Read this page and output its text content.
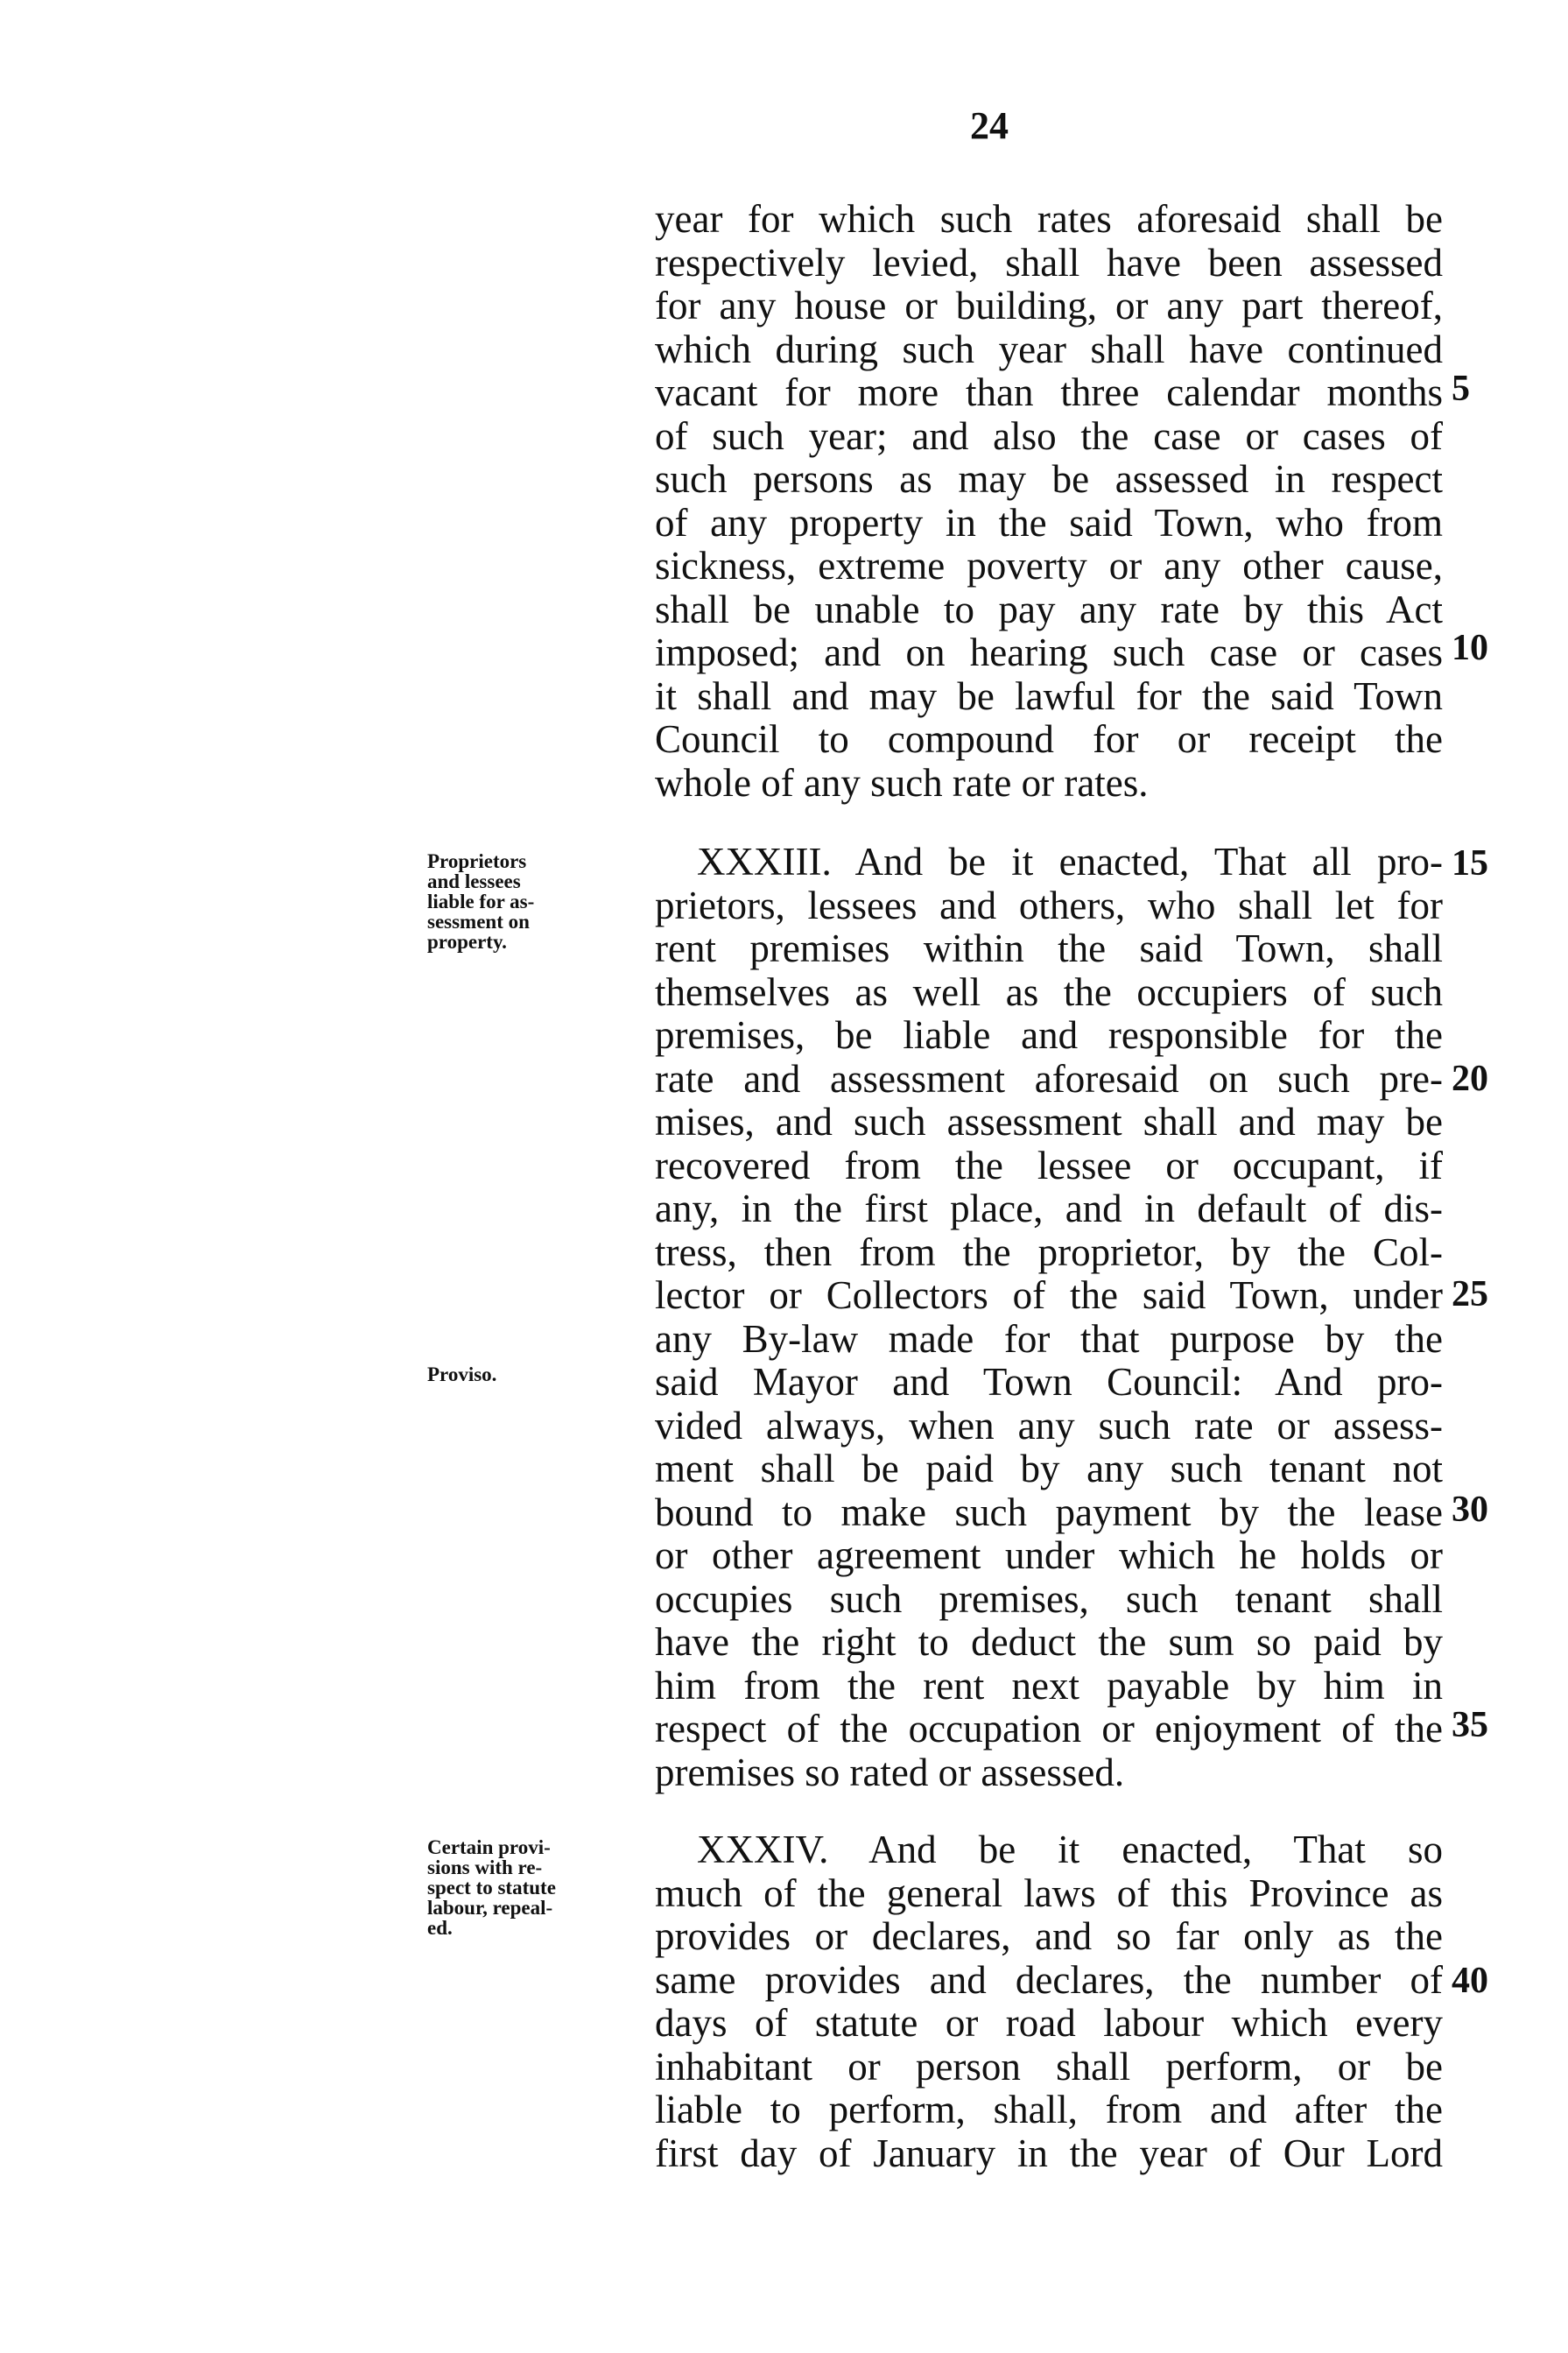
24
year for which such rates aforesaid shall be
respectively levied, shall have been assessed
for any house or building, or any part thereof,
which during such year shall have continued
vacant for more than three calendar months
of such year; and also the case or cases of
such persons as may be assessed in respect
of any property in the said Town, who from
sickness, extreme poverty or any other cause,
shall be unable to pay any rate by this Act
imposed; and on hearing such case or cases
it shall and may be lawful for the said Town
Council to compound for or receipt the
whole of any such rate or rates.
XXXIII. And be it enacted, That all pro-
prietors, lessees and others, who shall let for
rent premises within the said Town, shall
themselves as well as the occupiers of such
premises, be liable and responsible for the
rate and assessment aforesaid on such pre-
mises, and such assessment shall and may be
recovered from the lessee or occupant, if
any, in the first place, and in default of dis-
tress, then from the proprietor, by the Col-
lector or Collectors of the said Town, under
any By-law made for that purpose by the
said Mayor and Town Council: And pro-
vided always, when any such rate or assess-
ment shall be paid by any such tenant not
bound to make such payment by the lease
or other agreement under which he holds or
occupies such premises, such tenant shall
have the right to deduct the sum so paid by
him from the rent next payable by him in
respect of the occupation or enjoyment of the
premises so rated or assessed.
XXXIV. And be it enacted, That so
much of the general laws of this Province as
provides or declares, and so far only as the
same provides and declares, the number of
days of statute or road labour which every
inhabitant or person shall perform, or be
liable to perform, shall, from and after the
first day of January in the year of Our Lord
5
10
15
20
25
30
35
40
Proprietors
and lessees
liable for as-
sessment on
property.
Proviso.
Certain provi-
sions with re-
spect to statute
labour, repeal-
ed.
